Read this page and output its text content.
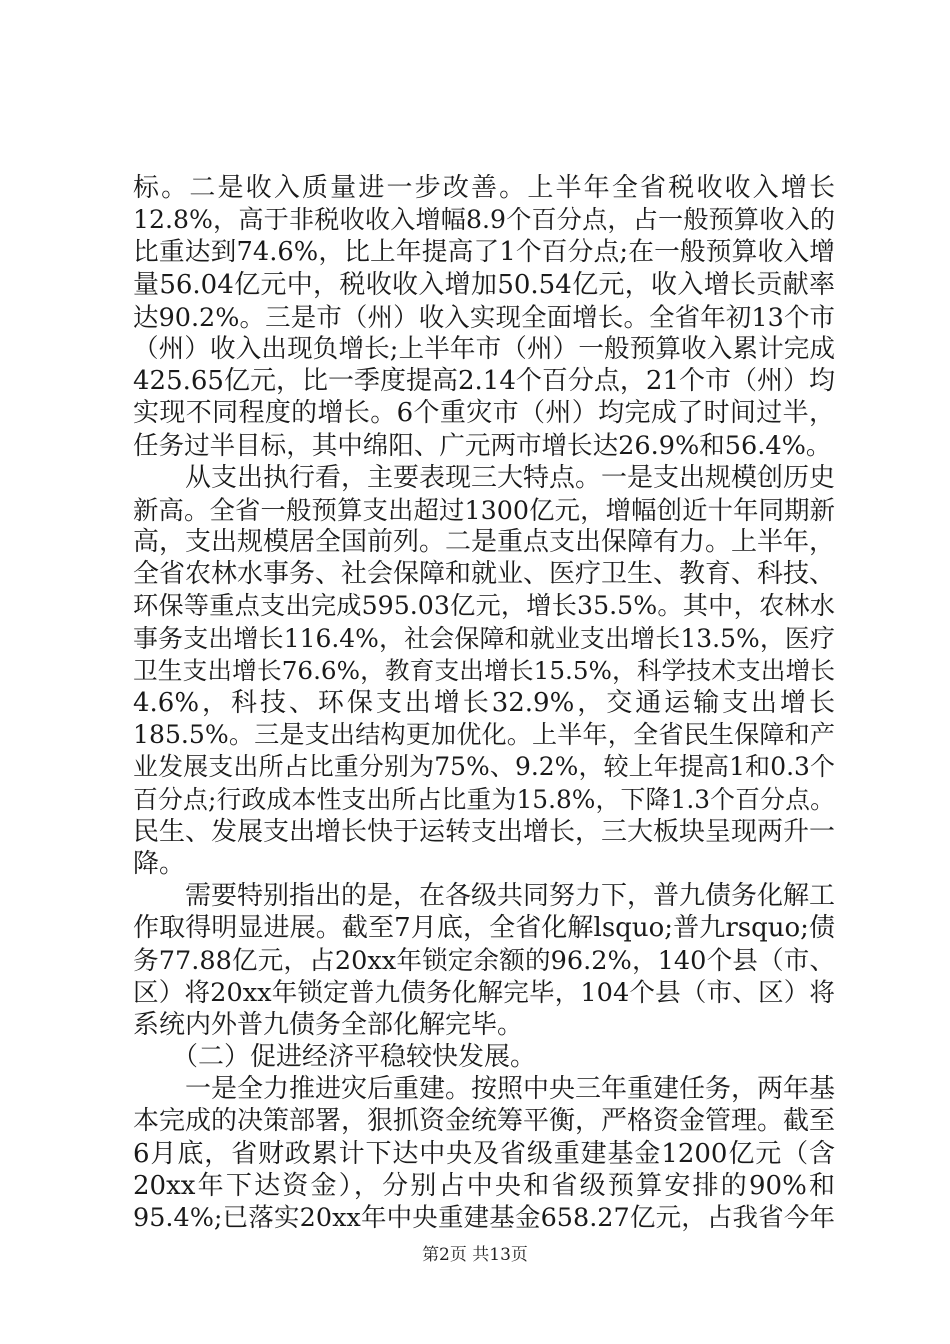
标。二是收入质量进一步改善。上半年全省税收收入增长
12.8%，高于非税收收入增幅8.9个百分点，占一般预算收入的
比重达到74.6%，比上年提高了1个百分点;在一般预算收入增
量56.04亿元中，税收收入增加50.54亿元，收入增长贡献率
达90.2%。三是市（州）收入实现全面增长。全省年初13个市
（州）收入出现负增长;上半年市（州）一般预算收入累计完成
425.65亿元，比一季度提高2.14个百分点，21个市（州）均
实现不同程度的增长。6个重灾市（州）均完成了时间过半，
任务过半目标，其中绵阳、广元两市增长达26.9%和56.4%。
　　从支出执行看，主要表现三大特点。一是支出规模创历史
新高。全省一般预算支出超过1300亿元，增幅创近十年同期新
高，支出规模居全国前列。二是重点支出保障有力。上半年，
全省农林水事务、社会保障和就业、医疗卫生、教育、科技、
环保等重点支出完成595.03亿元，增长35.5%。其中，农林水
事务支出增长116.4%，社会保障和就业支出增长13.5%，医疗
卫生支出增长76.6%，教育支出增长15.5%，科学技术支出增长
4.6%，科技、环保支出增长32.9%，交通运输支出增长
185.5%。三是支出结构更加优化。上半年，全省民生保障和产
业发展支出所占比重分别为75%、9.2%，较上年提高1和0.3个
百分点;行政成本性支出所占比重为15.8%，下降1.3个百分点。
民生、发展支出增长快于运转支出增长，三大板块呈现两升一
降。
　　需要特别指出的是，在各级共同努力下，普九债务化解工
作取得明显进展。截至7月底，全省化解lsquo;普九rsquo;债
务77.88亿元，占20xx年锁定余额的96.2%，140个县（市、
区）将20xx年锁定普九债务化解完毕，104个县（市、区）将
系统内外普九债务全部化解完毕。
　　（二）促进经济平稳较快发展。
　　一是全力推进灾后重建。按照中央三年重建任务，两年基
本完成的决策部署，狠抓资金统筹平衡，严格资金管理。截至
6月底，省财政累计下达中央及省级重建基金1200亿元（含
20xx年下达资金），分别占中央和省级预算安排的90%和
95.4%;已落实20xx年中央重建基金658.27亿元，占我省今年
第2页 共13页
